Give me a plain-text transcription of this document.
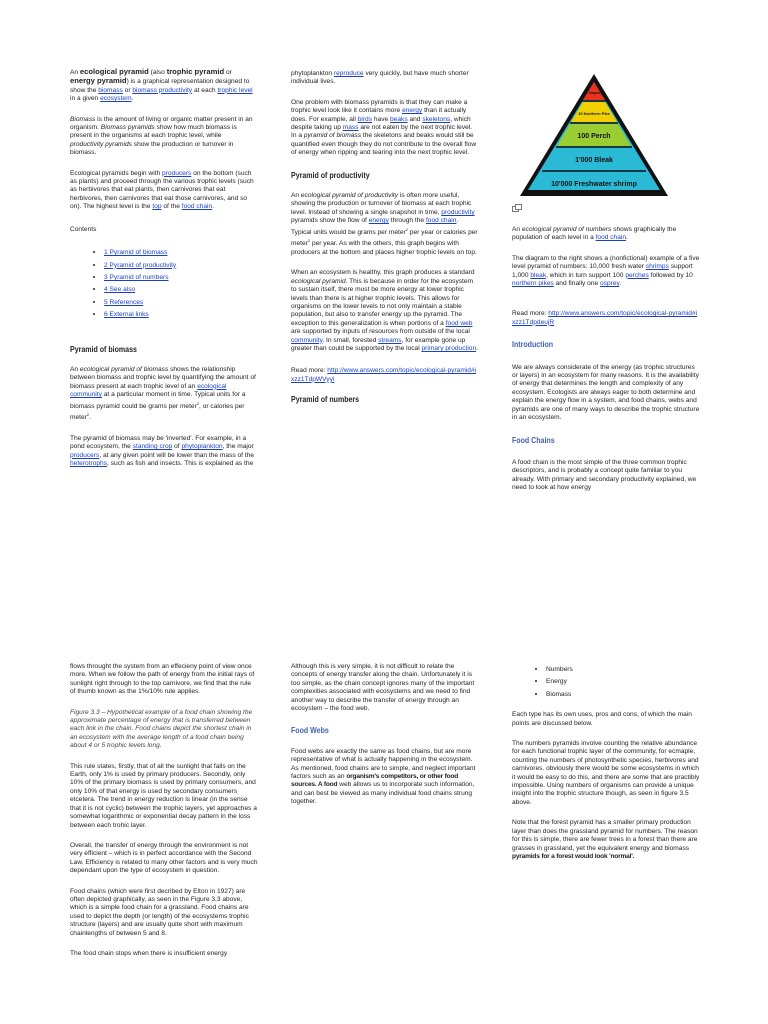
An ecological pyramid (also trophic pyramid or energy pyramid) is a graphical representation designed to show the biomass or biomass productivity at each trophic level in a given ecosystem.

Biomass is the amount of living or organic matter present in an organism. Biomass pyramids show how much biomass is present in the organisms at each trophic level, while productivity pyramids show the production or turnover in biomass.

Ecological pyramids begin with producers on the bottom (such as plants) and proceed through the various trophic levels (such as herbivores that eat plants, then carnivores that eat herbivores, then carnivores that eat those carnivores, and so on). The highest level is the top of the food chain.

Contents

• 1 Pyramid of biomass
• 2 Pyramid of productivity
• 3 Pyramid of numbers
• 4 See also
• 5 References
• 6 External links
Pyramid of biomass

An ecological pyramid of biomass shows the relationship between biomass and trophic level by quantifying the amount of biomass present at each trophic level of an ecological community at a particular moment in time. Typical units for a biomass pyramid could be grams per meter$^2$, or calories per meter$^2$.

The pyramid of biomass may be 'inverted'. For example, in a pond ecosystem, the standing crop of phytoplankton, the major producers, at any given point will be lower than the mass of the heterotrophs, such as fish and insects. This is explained as the

phytoplankton reproduce very quickly, but have much shorter individual lives.

One problem with biomass pyramids is that they can make a trophic level look like it contains more energy than it actually does. For example, all birds have beaks and skeletons, which despite taking up mass are not eaten by the next trophic level. In a pyramid of biomass the skeletons and beaks would still be quantified even though they do not contribute to the overall flow of energy when ripping and tearing into the next trophic level.

Pyramid of productivity

An ecological pyramid of productivity is often more useful, showing the production or turnover of biomass at each trophic level. Instead of showing a single snapshot in time, productivity pyramids show the flow of energy through the food chain. Typical units would be grams per meter$^2$ per year or calories per meter$^2$ per year. As with the others, this graph begins with producers at the bottom and places higher trophic levels on top.

When an ecosystem is healthy, this graph produces a standard ecological pyramid. This is because in order for the ecosystem to sustain itself, there must be more energy at lower trophic levels than there is at higher trophic levels. This allows for organisms on the lower levels to not only maintain a stable population, but also to transfer energy up the pyramid. The exception to this generalization is when portions of a food web are supported by inputs of resources from outside of the local community. In small, forested streams, for example gone up greater than could be supported by the local primary production.

Read more: http://www.answers.com/topic/ecological-pyramid#ixzz1TdpWVyyi

Pyramid of numbers
1 Osprey
10 Northern Pike
100 Perch
1'000 Bleak
10'000 Freshwater shrimp

An ecological pyramid of numbers shows graphically the population of each level in a food chain.

The diagram to the right shows a (nonfictional) example of a five level pyramid of numbers: 10,000 fresh water shrimps support 1,000 bleak, which in turn support 100 perches followed by 10 northern pikes and finally one osprey.

Read more: http://www.answers.com/topic/ecological-pyramid#ixzz1TdpdeujR

Introduction

We are always considerate of the energy (as trophic structures or layers) in an ecosystem for many reasons. It is the availability of energy that determines the length and complexity of any ecosystem. Ecologists are always eager to both determine and explain the energy flow in a system, and food chains, webs and pyramids are one of many ways to describe the trophic structure in an ecosystem.

Food Chains

A food chain is the most simple of the three common trophic descriptors, and is probably a concept quite familiar to you already. With primary and secondary productivity explained, we need to look at how energy

flows throught the system from an effecieny point of view once more. When we follow the path of energy from the initial rays of sunlight right through to the top carnivore, we find that the rule of thumb known as the 1%/10% rule applies.

Figure 3.3 – Hypothetical example of a food chain showing the approximate percentage of energy that is transferred between each link in the chain. Food chains depict the shortest chain in an ecosystem with the average length of a food chain being about 4 or 5 trophic levels long.

This rule states, firstly, that of all the sunlight that falls on the Earth, only 1% is used by primary producers. Secondly, only 10% of the primary biomass is used by primary consumers, and only 10% of that energy is used by secondary consumers etcetera. The trend in energy reduction is linear (in the sense that it is not cyclic) between the trophic layers, yet approaches a somewhat logarithmic or exponential decay pattern in the loss between each trohic layer.

Overall, the transfer of energy through the environment is not very efficient – which is in perfect accordance with the Second Law. Efficiency is related to many other factors and is very much dependant upon the type of ecosystem in question.

Food chains (which were first decribed by Elton in 1927) are often depicted graphically, as seen in the Figure 3.3 above, which is a simple food chain for a grassland. Food chains are used to depict the depth (or length) of the ecosystems trophic structure (layers) and are usually quite short with maximum chainlengths of between 5 and 8.

The food chain stops when there is insufficient energy

Although this is very simple, it is not difficult to relate the concepts of energy transfer along the chain. Unfortunately it is too simple, as the chain concept ignores many of the important complexities associated with ecosystems and we need to find another way to describe the transfer of energy through an ecosystem – the food web.

Food Webs

Food webs are exactly the same as food chains, but are more representative of what is actually happening in the ecosystem. As mentioned, food chains are to simple, and neglect important factors such as an organism's competitors, or other food sources. A food web allows us to incorporate such information, and can best be viewed as many individual food chains strung together.

• Numbers
• Energy
• Biomass

Each type has its own uses, pros and cons, of which the main points are discussed below.

The numbers pyramids involve counting the relative abundance for each functional trophic layer of the community, for ecmaple, counting the numbers of photosynthetic species, herbivores and carnivores. obviously there would be some ecosystems in which it would be easy to do this, and there are some that are practibly impossible. Using numbers of organisms can provide a unique insight into the trophic structure though, as seen in figure 3.5 above.

Note that the forest pyramid has a smaller primary production layer than does the grassland pyramid for numbers. The reason for this is simple, there are fewer trees in a forest than there are grasses in grassland, yet the equivalent energy and biomass pyramids for a forest would look 'normal'.
